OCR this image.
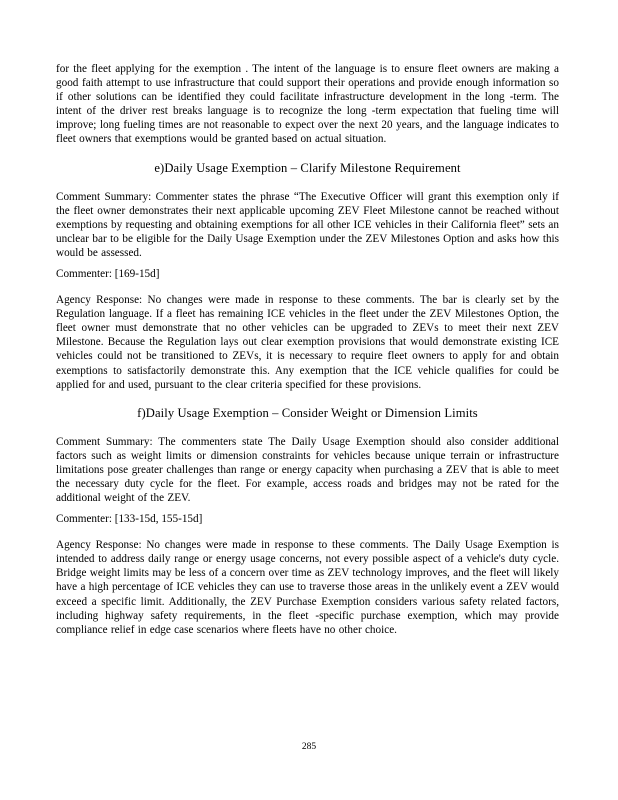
for the fleet applying for the exemption . The intent of the language is to ensure fleet owners are making a good faith attempt to use infrastructure that could support their operations and provide enough information so if other solutions can be identified they could facilitate infrastructure development in the long -term. The intent of the driver rest breaks language is to recognize the long -term expectation that fueling time will improve; long fueling times are not reasonable to expect over the next 20 years, and the language indicates to fleet owners that exemptions would be granted based on actual situation.

e)Daily Usage Exemption – Clarify Milestone Requirement

Comment Summary: Commenter states the phrase “The Executive Officer will grant this exemption only if the fleet owner demonstrates their next applicable upcoming ZEV Fleet Milestone cannot be reached without exemptions by requesting and obtaining exemptions for all other ICE vehicles in their California fleet” sets an unclear bar to be eligible for the Daily Usage Exemption under the ZEV Milestones Option and asks how this would be assessed.

Commenter: [169-15d]

Agency Response: No changes were made in response to these comments. The bar is clearly set by the Regulation language. If a fleet has remaining ICE vehicles in the fleet under the ZEV Milestones Option, the fleet owner must demonstrate that no other vehicles can be upgraded to ZEVs to meet their next ZEV Milestone. Because the Regulation lays out clear exemption provisions that would demonstrate existing ICE vehicles could not be transitioned to ZEVs, it is necessary to require fleet owners to apply for and obtain exemptions to satisfactorily demonstrate this. Any exemption that the ICE vehicle qualifies for could be applied for and used, pursuant to the clear criteria specified for these provisions.

f)Daily Usage Exemption – Consider Weight or Dimension Limits

Comment Summary: The commenters state The Daily Usage Exemption should also consider additional factors such as weight limits or dimension constraints for vehicles because unique terrain or infrastructure limitations pose greater challenges than range or energy capacity when purchasing a ZEV that is able to meet the necessary duty cycle for the fleet. For example, access roads and bridges may not be rated for the additional weight of the ZEV.

Commenter: [133-15d, 155-15d]

Agency Response: No changes were made in response to these comments. The Daily Usage Exemption is intended to address daily range or energy usage concerns, not every possible aspect of a vehicle's duty cycle. Bridge weight limits may be less of a concern over time as ZEV technology improves, and the fleet will likely have a high percentage of ICE vehicles they can use to traverse those areas in the unlikely event a ZEV would exceed a specific limit. Additionally, the ZEV Purchase Exemption considers various safety related factors, including highway safety requirements, in the fleet -specific purchase exemption, which may provide compliance relief in edge case scenarios where fleets have no other choice.

285
